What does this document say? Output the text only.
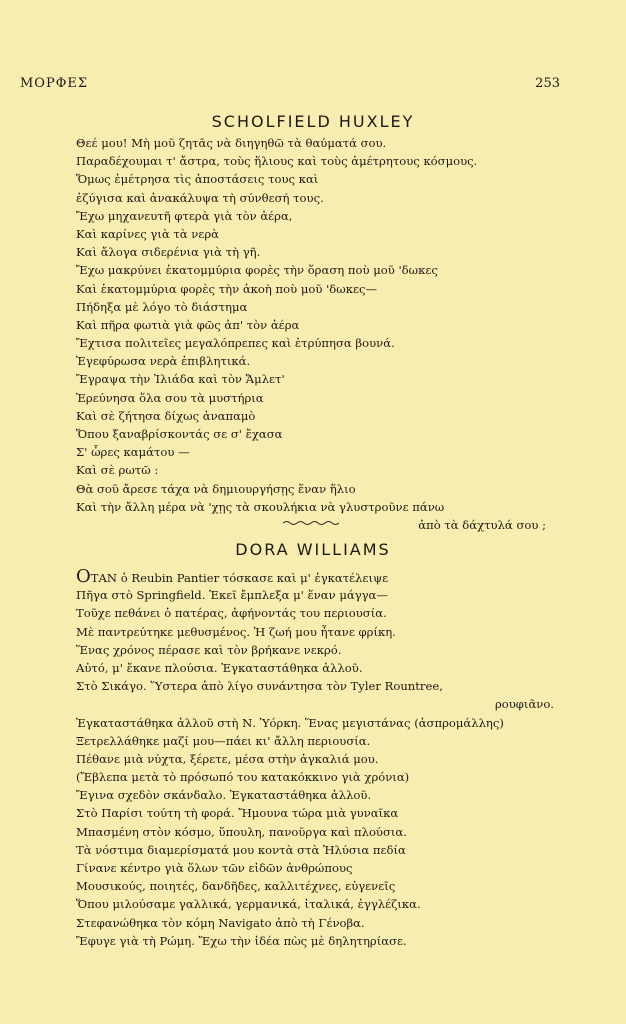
ΜΟΡΦΕΣ	253
SCHOLFIELD HUXLEY
Θεέ μου! Μὴ μοῦ ζητᾶς νὰ διηγηθῶ τὰ θαύματά σου.
Παραδέχουμαι τ' ἄστρα, τοὺς ἥλιους καὶ τοὺς ἀμέτρητους κόσμους.
Ὅμως ἐμέτρησα τὶς ἀποστάσεις τους καὶ
ἐζύγισα καὶ ἀνακάλυψα τὴ σύνθεσή τους.
Ἔχω μηχανευτῆ φτερὰ γιὰ τὸν ἀέρα,
Καὶ καρίνες γιὰ τὰ νερὰ
Καὶ ἄλογα σιδερένια γιὰ τὴ γῆ.
Ἔχω μακρύνει ἑκατομμύρια φορὲς τὴν ὅραση ποὺ μοῦ 'δωκες
Καὶ ἑκατομμύρια φορὲς τὴν ἀκοὴ ποὺ μοῦ 'δωκες—
Πήδηξα μὲ λόγο τὸ διάστημα
Καὶ πῆρα φωτιὰ γιὰ φῶς ἀπ' τὸν ἀέρα
Ἔχτισα πολιτεῖες μεγαλόπρεπες καὶ ἐτρύπησα βουνά.
Ἐγεφύρωσα νερὰ ἐπιβλητικά.
Ἔγραψα τὴν Ἰλιάδα καὶ τὸν Ἄμλετ'
Ἐρεύνησα ὅλα σου τὰ μυστήρια
Καὶ σὲ ζήτησα δίχως ἀναπαμὸ
Ὅπου ξαναβρίσκοντάς σε σ' ἔχασα
Σ' ὧρες καμάτου —
Καὶ σὲ ρωτῶ :
Θὰ σοῦ ἄρεσε τάχα νὰ δημιουργήσῃς ἕναν ἥλιο
Καὶ τὴν ἄλλη μέρα νὰ 'χῃς τὰ σκουλήκια νὰ γλυστροῦνε πάνω
ἀπὸ τὰ δάχτυλά σου ;
DORA WILLIAMS
ΟΤΑΝ ὁ Reubin Pantier τόσκασε καὶ μ' ἐγκατέλειψε
Πῆγα στὸ Springfield. Ἐκεῖ ἔμπλεξα μ' ἕναν μάγγα—
Τοῦχε πεθάνει ὁ πατέρας, ἀφήνοντάς του περιουσία.
Μὲ παντρεύτηκε μεθυσμένος. Ἡ ζωή μου ἦτανε φρίκη.
Ἕνας χρόνος πέρασε καὶ τὸν βρήκανε νεκρό.
Αὐτό, μ' ἔκανε πλούσια. Ἐγκαταστάθηκα ἀλλοῦ.
Στὸ Σικάγο. Ὕστερα ἀπὸ λίγο συνάντησα τὸν Tyler Rountree,
ρουφιᾶνο.
Ἐγκαταστάθηκα ἀλλοῦ στὴ Ν. Ὑόρκη. Ἕνας μεγιστάνας (ἀσπρομάλλης)
Ξετρελλάθηκε μαζί μου—πάει κι' ἄλλη περιουσία.
Πέθανε μιὰ νύχτα, ξέρετε, μέσα στὴν ἀγκαλιά μου.
(Ἔβλεπα μετὰ τὸ πρόσωπό του κατακόκκινο γιὰ χρόνια)
Ἔγινα σχεδὸν σκάνδαλο. Ἐγκαταστάθηκα ἀλλοῦ.
Στὸ Παρίσι τούτη τὴ φορά. Ἤμουνα τώρα μιὰ γυναῖκα
Μπασμένη στὸν κόσμο, ὕπουλη, πανοῦργα καὶ πλούσια.
Τὰ νόστιμα διαμερίσματά μου κοντὰ στὰ Ἠλύσια πεδία
Γίνανε κέντρο γιὰ ὅλων τῶν εἰδῶν ἀνθρώπους
Μουσικούς, ποιητές, δανδῆδες, καλλιτέχνες, εὐγενεῖς
Ὅπου μιλούσαμε γαλλικά, γερμανικά, ἰταλικά, ἐγγλέζικα.
Στεφανώθηκα τὸν κόμη Navigato ἀπὸ τὴ Γένοβα.
Ἔφυγε γιὰ τὴ Ρώμη. Ἔχω τὴν ἰδέα πὼς μὲ δηλητηρίασε.
